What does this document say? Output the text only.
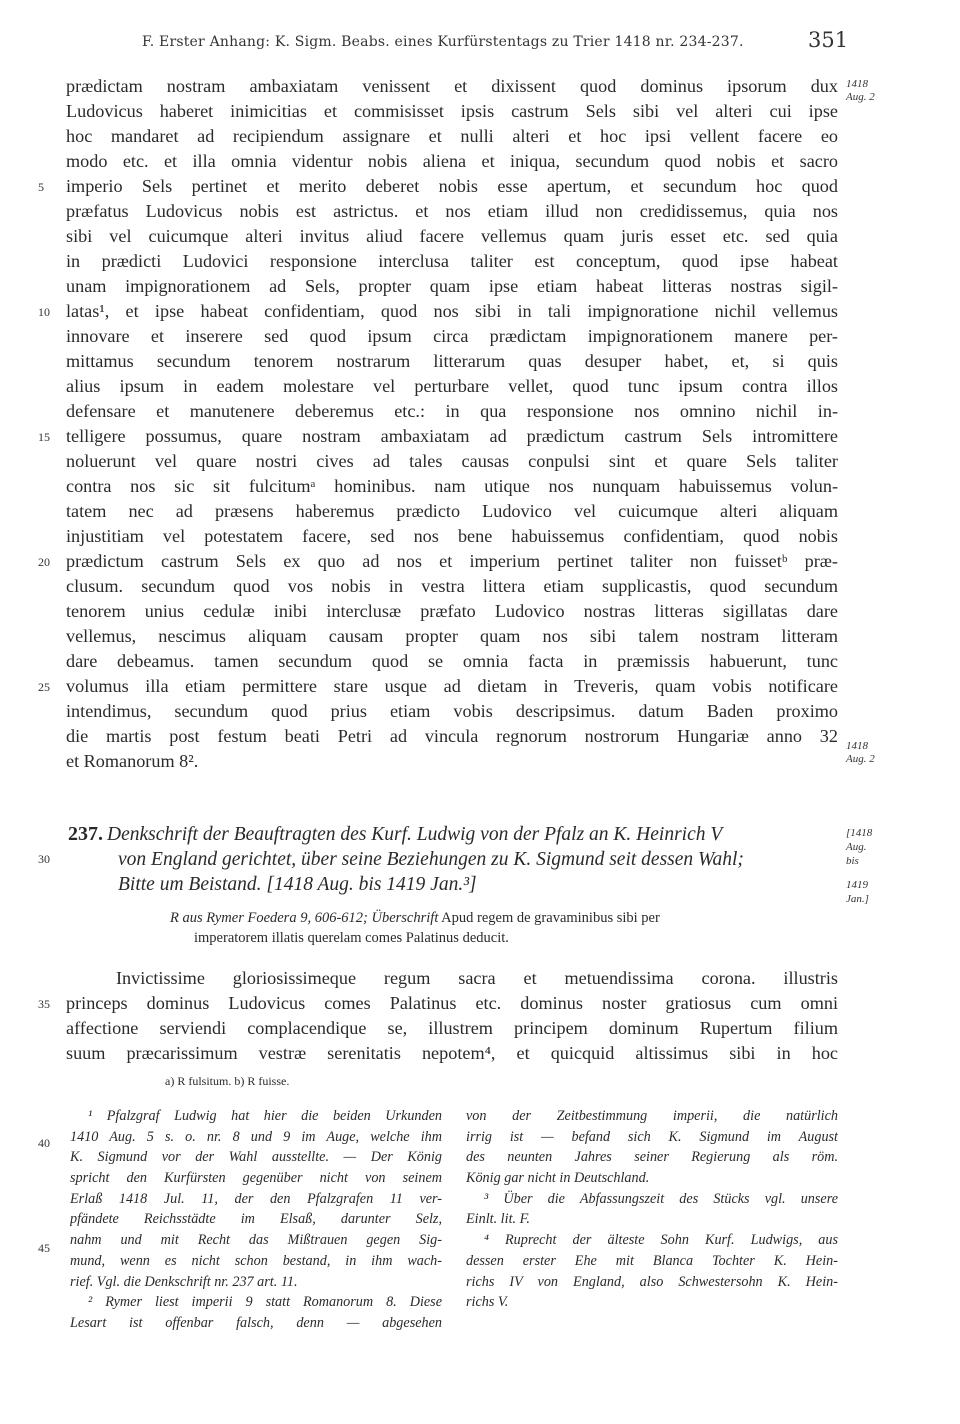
F. Erster Anhang: K. Sigm. Beabs. eines Kurfürstentags zu Trier 1418 nr. 234-237.	351
prædictam nostram ambaxiatam venissent et dixissent quod dominus ipsorum dux
Ludovicus haberet inimicitias et commisisset ipsis castrum Sels sibi vel alteri cui ipse
hoc mandaret ad recipiendum assignare et nulli alteri et hoc ipsi vellent facere eo
modo etc. et illa omnia videntur nobis aliena et iniqua, secundum quod nobis et sacro
imperio Sels pertinet et merito deberet nobis esse apertum, et secundum hoc quod
præfatus Ludovicus nobis est astrictus. et nos etiam illud non credidissemus, quia nos
sibi vel cuicumque alteri invitus aliud facere vellemus quam juris esset etc. sed quia
in prædicti Ludovici responsione interclusa taliter est conceptum, quod ipse habeat
unam impignorationem ad Sels, propter quam ipse etiam habeat litteras nostras sigil-
latas¹, et ipse habeat confidentiam, quod nos sibi in tali impignoratione nichil vellemus
innovare et inserere sed quod ipsum circa prædictam impignorationem manere per-
mittamus secundum tenorem nostrarum litterarum quas desuper habet, et, si quis
alius ipsum in eadem molestare vel perturbare vellet, quod tunc ipsum contra illos
defensare et manutenere deberemus etc.: in qua responsione nos omnino nichil in-
telligere possumus, quare nostram ambaxiatam ad prædictum castrum Sels intromittere
noluerunt vel quare nostri cives ad tales causas conpulsi sint et quare Sels taliter
contra nos sic sit fulcitumᵃ hominibus. nam utique nos nunquam habuissemus volun-
tatem nec ad præsens haberemus prædicto Ludovico vel cuicumque alteri aliquam
injustitiam vel potestatem facere, sed nos bene habuissemus confidentiam, quod nobis
prædictum castrum Sels ex quo ad nos et imperium pertinet taliter non fuissetᵇ præ-
clusum. secundum quod vos nobis in vestra littera etiam supplicastis, quod secundum
tenorem unius cedulæ inibi interclusæ præfato Ludovico nostras litteras sigillatas dare
vellemus, nescimus aliquam causam propter quam nos sibi talem nostram litteram
dare debeamus. tamen secundum quod se omnia facta in præmissis habuerunt, tunc
volumus illa etiam permittere stare usque ad dietam in Treveris, quam vobis notificare
intendimus, secundum quod prius etiam vobis descripsimus. datum Baden proximo
die martis post festum beati Petri ad vincula regnorum nostrorum Hungariæ anno 32
et Romanorum 8².
5
10
15
20
25
30
35
40
45
1418
Aug. 2
1418
Aug. 2
[1418
Aug.
bis
1419
Jan.]
237. Denkschrift der Beauftragten des Kurf. Ludwig von der Pfalz an K. Heinrich V
von England gerichtet, über seine Beziehungen zu K. Sigmund seit dessen Wahl;
Bitte um Beistand. [1418 Aug. bis 1419 Jan.³]
R aus Rymer Foedera 9, 606-612; Überschrift Apud regem de gravaminibus sibi per
imperatorem illatis querelam comes Palatinus deducit.
Invictissime gloriosissimeque regum sacra et metuendissima corona. illustris
princeps dominus Ludovicus comes Palatinus etc. dominus noster gratiosus cum omni
affectione serviendi complacendique se, illustrem principem dominum Rupertum filium
suum præcarissimum vestræ serenitatis nepotem⁴, et quicquid altissimus sibi in hoc
a) R fulsitum. b) R fuisse.
¹ Pfalzgraf Ludwig hat hier die beiden Urkunden
1410 Aug. 5 s. o. nr. 8 und 9 im Auge, welche ihm
K. Sigmund vor der Wahl ausstellte. — Der König
spricht den Kurfürsten gegenüber nicht von seinem
Erlaß 1418 Jul. 11, der den Pfalzgrafen 11 ver-
pfändete Reichsstädte im Elsaß, darunter Selz,
nahm und mit Recht das Mißtrauen gegen Sig-
mund, wenn es nicht schon bestand, in ihm wach-
rief. Vgl. die Denkschrift nr. 237 art. 11.
² Rymer liest imperii 9 statt Romanorum 8. Diese
Lesart ist offenbar falsch, denn — abgesehen
von der Zeitbestimmung imperii, die natürlich
irrig ist — befand sich K. Sigmund im August
des neunten Jahres seiner Regierung als röm.
König gar nicht in Deutschland.
³ Über die Abfassungszeit des Stücks vgl. unsere
Einlt. lit. F.
⁴ Ruprecht der älteste Sohn Kurf. Ludwigs, aus
dessen erster Ehe mit Blanca Tochter K. Hein-
richs IV von England, also Schwestersohn K. Hein-
richs V.
